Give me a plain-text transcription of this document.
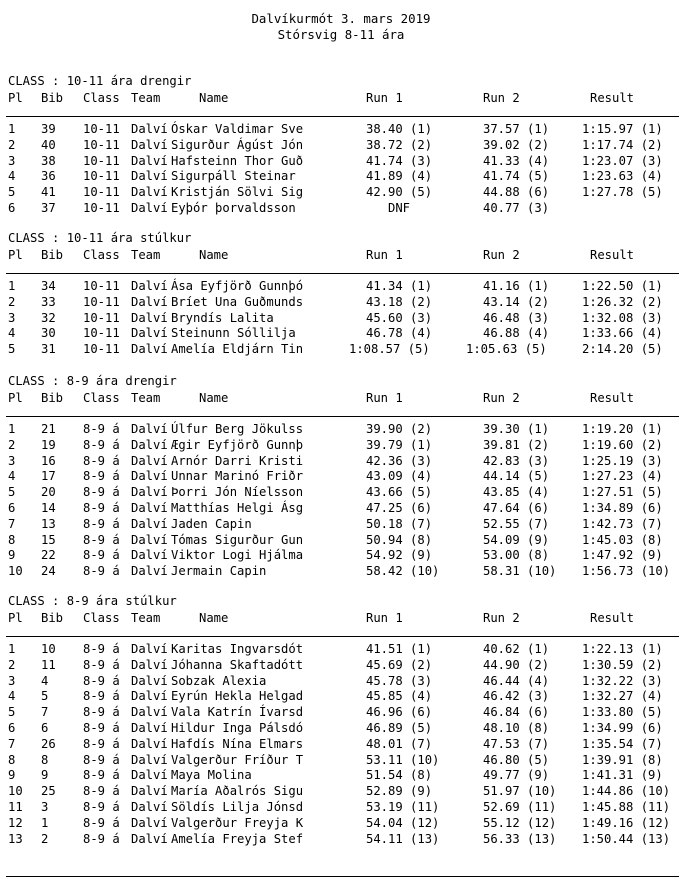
Dalvíkurmót 3. mars 2019
Stórsvig 8-11 ára
CLASS : 10-11 ára drengir
Pl Bib Class Team	Name	Run 1	Run 2	Result
1 39 10-11 Dalví Óskar Valdimar Sve	38.40 (1)	37.57 (1)	1:15.97 (1)
2 40 10-11 Dalví Sigurður Ágúst Jón	38.72 (2)	39.02 (2)	1:17.74 (2)
3 38 10-11 Dalví Hafsteinn Thor Guð	41.74 (3)	41.33 (4)	1:23.07 (3)
4 36 10-11 Dalví Sigurpáll Steinar	41.89 (4)	41.74 (5)	1:23.63 (4)
5 41 10-11 Dalví Kristján Sölvi Sig	42.90 (5)	44.88 (6)	1:27.78 (5)
6 37 10-11 Dalví Eyþór þorvaldsson	DNF	40.77 (3)
CLASS : 10-11 ára stúlkur
Pl Bib Class Team	Name	Run 1	Run 2	Result
1 34 10-11 Dalví Ása Eyfjörð Gunnþó	41.34 (1)	41.16 (1)	1:22.50 (1)
2 33 10-11 Dalví Bríet Una Guðmunds	43.18 (2)	43.14 (2)	1:26.32 (2)
3 32 10-11 Dalví Bryndís Lalita	45.60 (3)	46.48 (3)	1:32.08 (3)
4 30 10-11 Dalví Steinunn Sóllilja	46.78 (4)	46.88 (4)	1:33.66 (4)
5 31 10-11 Dalví Amelía Eldjárn Tin	1:08.57 (5)	1:05.63 (5)	2:14.20 (5)
CLASS : 8-9 ára drengir
Pl Bib Class Team	Name	Run 1	Run 2	Result
1 21 8-9 á Dalví Úlfur Berg Jökulss	39.90 (2)	39.30 (1)	1:19.20 (1)
2 19 8-9 á Dalví Ægir Eyfjörð Gunnþ	39.79 (1)	39.81 (2)	1:19.60 (2)
3 16 8-9 á Dalví Arnór Darri Kristi	42.36 (3)	42.83 (3)	1:25.19 (3)
4 17 8-9 á Dalví Unnar Marinó Friðr	43.09 (4)	44.14 (5)	1:27.23 (4)
5 20 8-9 á Dalví Þorri Jón Níelsson	43.66 (5)	43.85 (4)	1:27.51 (5)
6 14 8-9 á Dalví Matthías Helgi Ásg	47.25 (6)	47.64 (6)	1:34.89 (6)
7 13 8-9 á Dalví Jaden Capin	50.18 (7)	52.55 (7)	1:42.73 (7)
8 15 8-9 á Dalví Tómas Sigurður Gun	50.94 (8)	54.09 (9)	1:45.03 (8)
9 22 8-9 á Dalví Viktor Logi Hjálma	54.92 (9)	53.00 (8)	1:47.92 (9)
10 24 8-9 á Dalví Jermain Capin	58.42 (10)	58.31 (10) 1:56.73 (10)
CLASS : 8-9 ára stúlkur
Pl Bib Class Team	Name	Run 1	Run 2	Result
1 10 8-9 á Dalví Karitas Ingvarsdót	41.51 (1)	40.62 (1)	1:22.13 (1)
2 11 8-9 á Dalví Jóhanna Skaftadótt	45.69 (2)	44.90 (2)	1:30.59 (2)
3 4	8-9 á Dalví Sobzak Alexia	45.78 (3)	46.44 (4)	1:32.22 (3)
4 5	8-9 á Dalví Eyrún Hekla Helgad	45.85 (4)	46.42 (3)	1:32.27 (4)
5 7	8-9 á Dalví Vala Katrín Ívarsd	46.96 (6)	46.84 (6)	1:33.80 (5)
6 6	8-9 á Dalví Hildur Inga Pálsdó	46.89 (5)	48.10 (8)	1:34.99 (6)
7 26 8-9 á Dalví Hafdís Nína Elmars	48.01 (7)	47.53 (7)	1:35.54 (7)
8 8	8-9 á Dalví Valgerður Fríður T	53.11 (10)	46.80 (5)	1:39.91 (8)
9 9	8-9 á Dalví Maya Molina	51.54 (8)	49.77 (9)	1:41.31 (9)
10 25 8-9 á Dalví María Aðalrós Sigu	52.89 (9)	51.97 (10) 1:44.86 (10)
11 3	8-9 á Dalví Söldís Lilja Jónsd	53.19 (11)	52.69 (11) 1:45.88 (11)
12 1	8-9 á Dalví Valgerður Freyja K	54.04 (12)	55.12 (12) 1:49.16 (12)
13 2	8-9 á Dalví Amelía Freyja Stef	54.11 (13)	56.33 (13) 1:50.44 (13)
